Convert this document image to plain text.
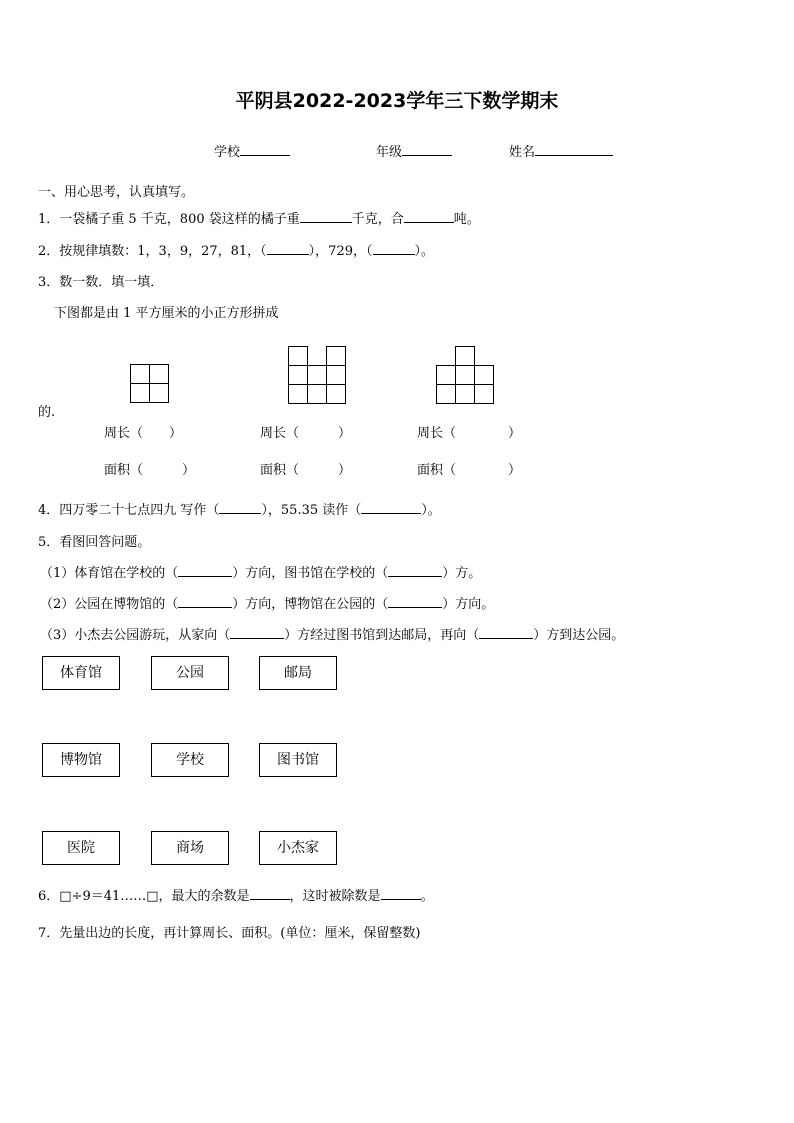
平阴县2022-2023学年三下数学期末
学校	年级	姓名
一、用心思考，认真填写。
1．一袋橘子重 5 千克，800 袋这样的橘子重	千克，合	吨。
2．按规律填数：1，3，9，27，81，（	），729，（	）。
3．数一数．填一填．
下图都是由 1 平方厘米的小正方形拼成
的.
周长（　　）
面积（　　　）
周长（　　　）
面积（　　　）
周长（　　　　）
面积（　　　　）
4．四万零二十七点四九 写作（	），55.35 读作（	）。
5．看图回答问题。
（1）体育馆在学校的（	）方向，图书馆在学校的（	）方。
（2）公园在博物馆的（	）方向，博物馆在公园的（	）方向。
（3）小杰去公园游玩，从家向（	）方经过图书馆到达邮局，再向（	）方到达公园。
体育馆	公园	邮局
博物馆	学校	图书馆
医院	商场	小杰家
6．□÷9＝41……□，最大的余数是	，这时被除数是	。
7．先量出边的长度，再计算周长、面积。(单位：厘米，保留整数)
